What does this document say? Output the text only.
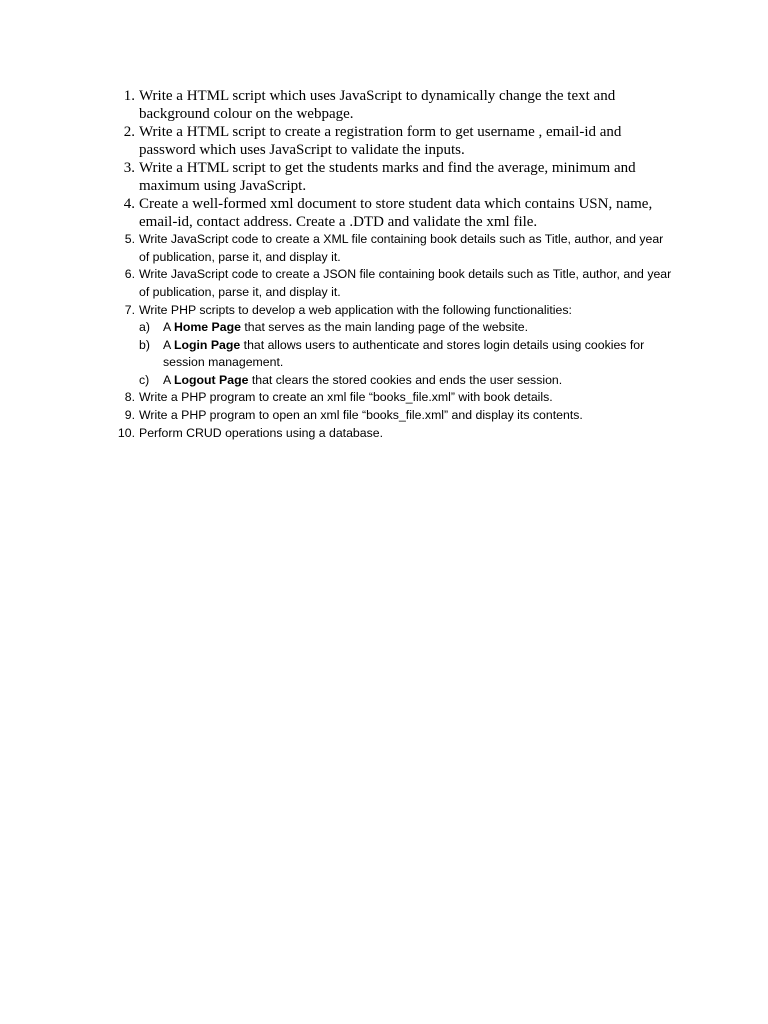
1. Write a HTML script which uses JavaScript to dynamically change the text and background colour on the webpage.
2. Write a HTML script to create a registration form to get username , email-id and password which uses JavaScript to validate the inputs.
3. Write a HTML script to get the students marks and find the average, minimum and maximum using JavaScript.
4. Create a well-formed xml document to store student data which contains USN, name, email-id, contact address. Create a .DTD and validate the xml file.
5. Write JavaScript code to create a XML file containing book details such as Title, author, and year of publication, parse it, and display it.
6. Write JavaScript code to create a JSON file containing book details such as Title, author, and year of publication, parse it, and display it.
7. Write PHP scripts to develop a web application with the following functionalities:
a) A Home Page that serves as the main landing page of the website.
b) A Login Page that allows users to authenticate and stores login details using cookies for session management.
c) A Logout Page that clears the stored cookies and ends the user session.
8. Write a PHP program to create an xml file “books_file.xml” with book details.
9. Write a PHP program to open an xml file “books_file.xml” and display its contents.
10. Perform CRUD operations using a database.
